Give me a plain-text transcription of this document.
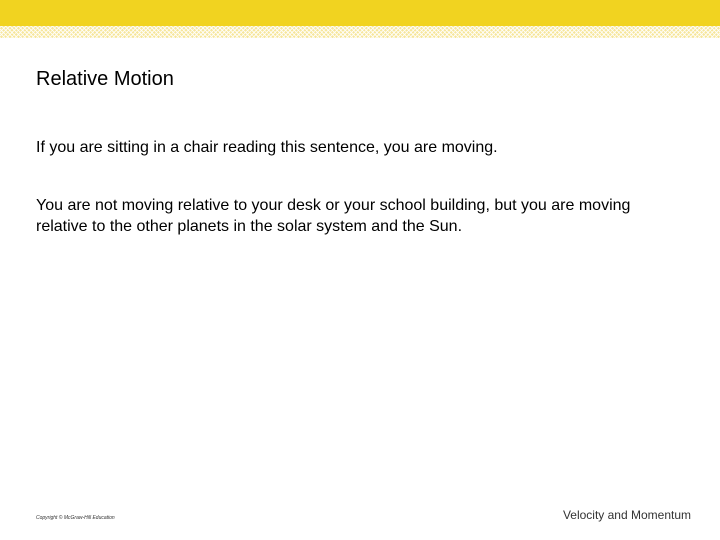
Relative Motion

If you are sitting in a chair reading this sentence, you are moving.

You are not moving relative to your desk or your school building, but you are moving relative to the other planets in the solar system and the Sun.

Copyright © McGraw-Hill Education	Velocity and Momentum
